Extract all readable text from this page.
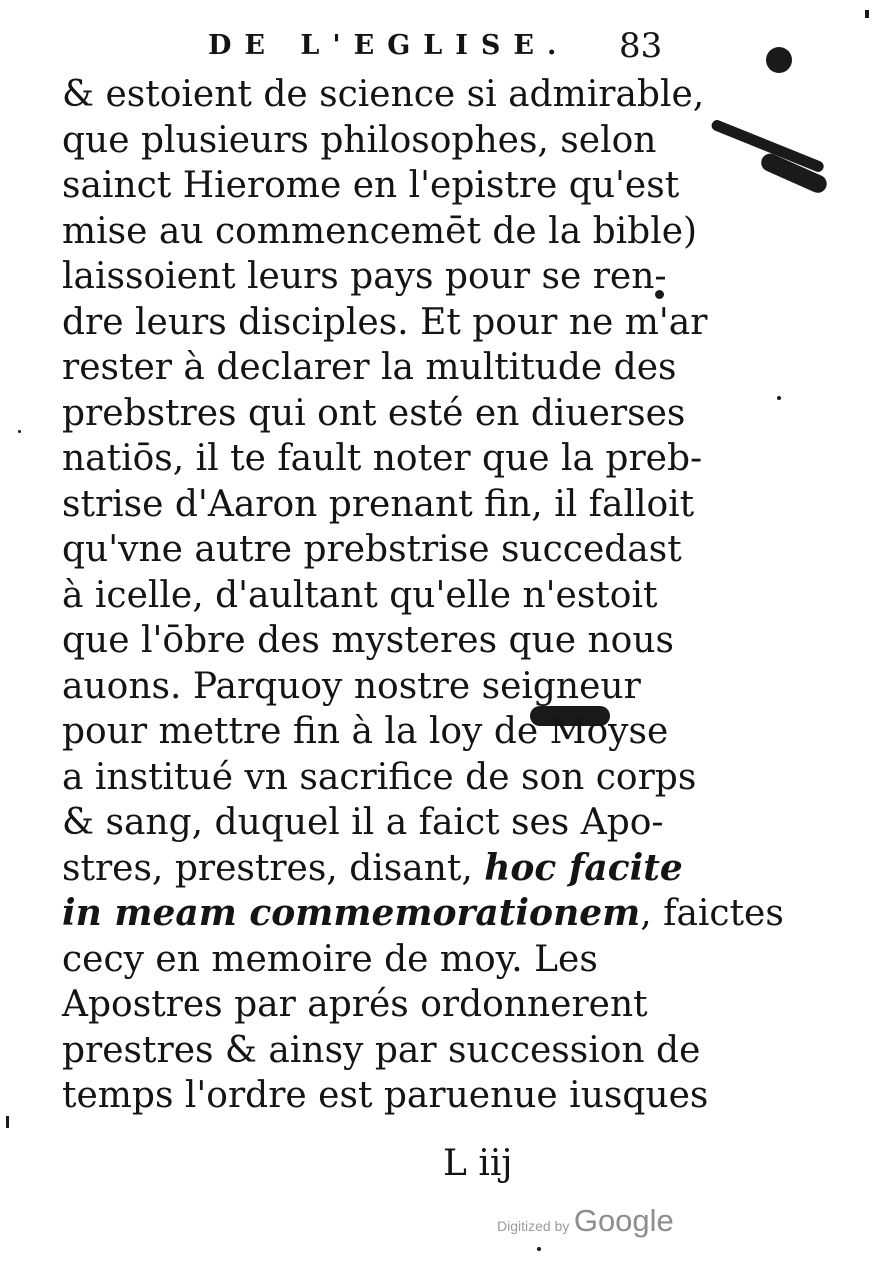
DE L'EGLISE. 83
& estoient de science si admirable,
que plusieurs philosophes, selon
sainct Hierome en l'epistre qu'est
mise au commencemēt de la bible)
laissoient leurs pays pour se ren-
dre leurs disciples. Et pour ne m'ar
rester à declarer la multitude des
prebstres qui ont esté en diuerses
natiōs, il te fault noter que la preb-
strise d'Aaron prenant fin, il falloit
qu'vne autre prebstrise succedast
à icelle, d'aultant qu'elle n'estoit
que l'ōbre des mysteres que nous
auons. Parquoy nostre seigneur
pour mettre fin à la loy de Moyse
a institué vn sacrifice de son corps
& sang, duquel il a faict ses Apo-
stres, prestres, disant, hoc facite
in meam commemorationem, faictes
cecy en memoire de moy. Les
Apostres par aprés ordonnerent
prestres & ainsy par succession de
temps l'ordre est paruenue iusques
L iij
Digitized by Google
